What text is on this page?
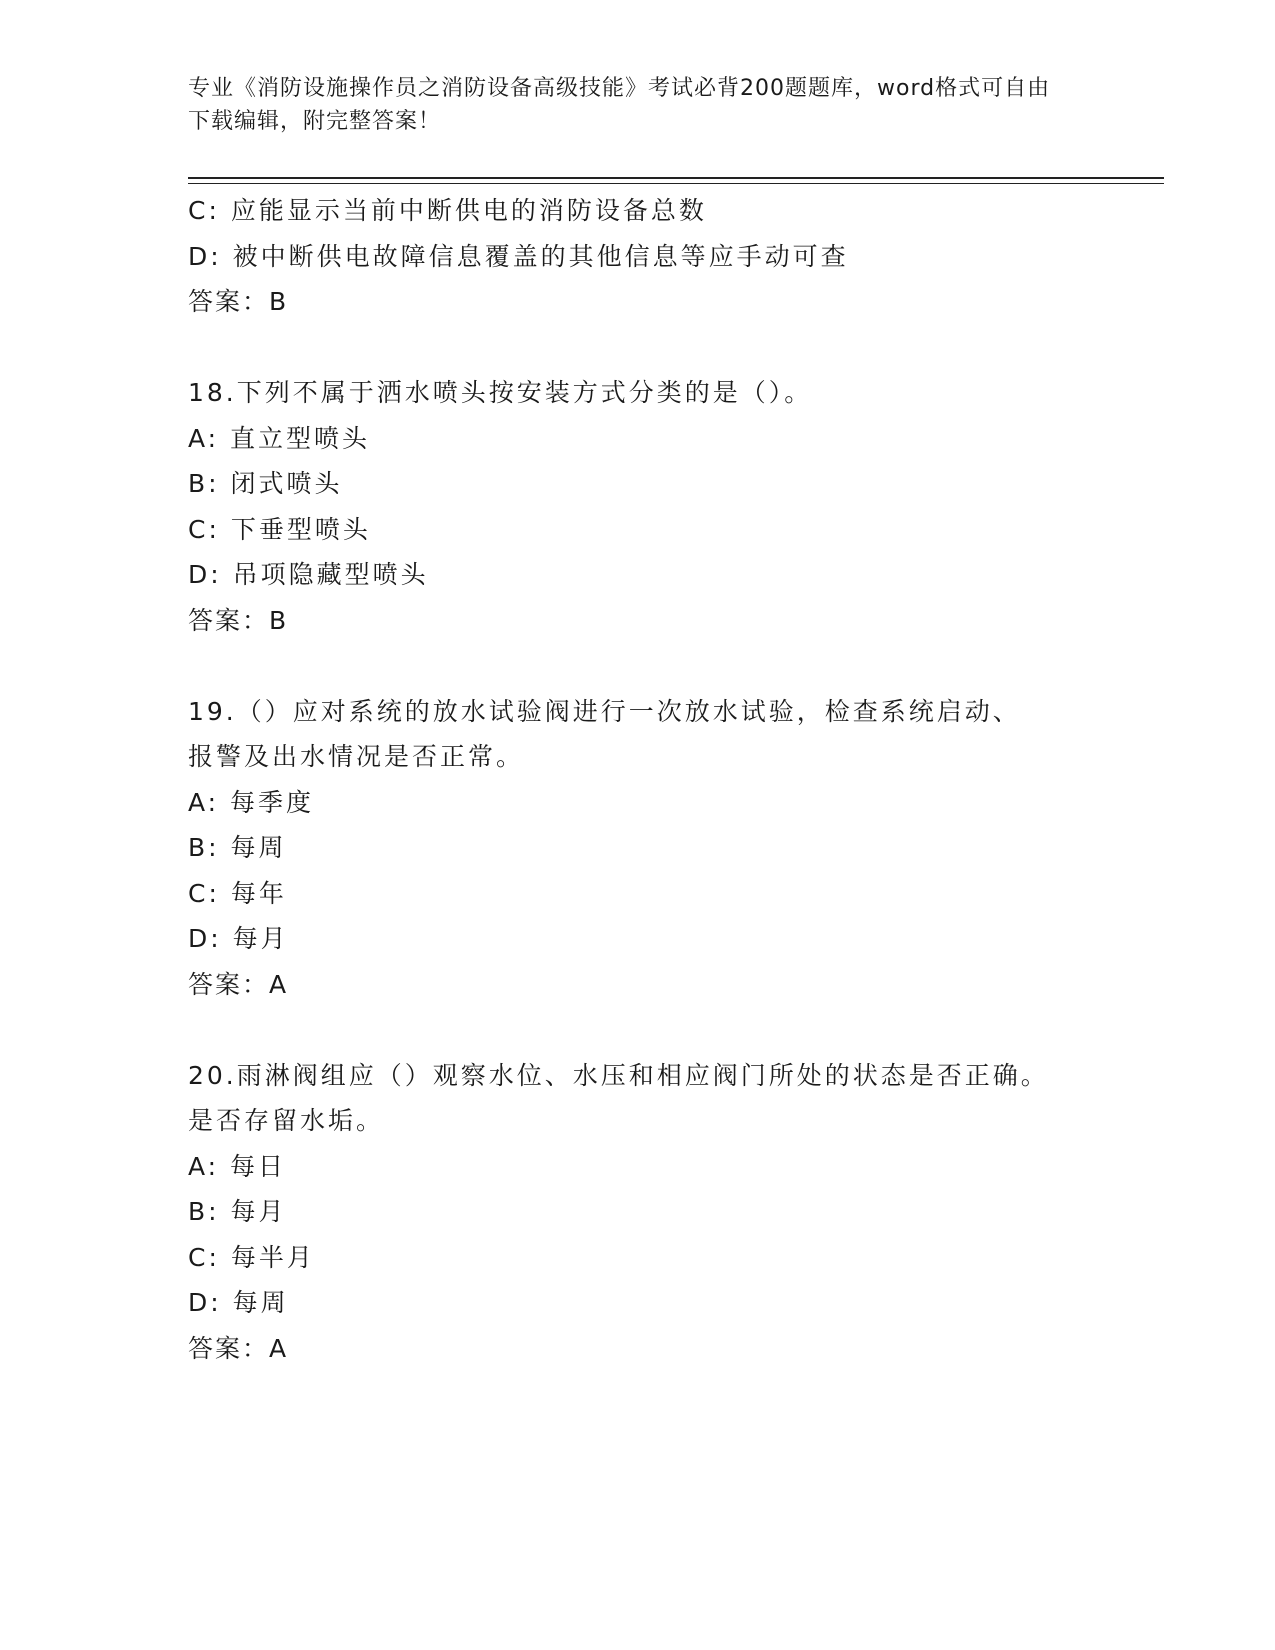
专业《消防设施操作员之消防设备高级技能》考试必背200题题库，word格式可自由下载编辑，附完整答案！
C: 应能显示当前中断供电的消防设备总数
D: 被中断供电故障信息覆盖的其他信息等应手动可查
答案：B
18.下列不属于洒水喷头按安装方式分类的是（）。
A: 直立型喷头
B: 闭式喷头
C: 下垂型喷头
D: 吊项隐藏型喷头
答案：B
19.（）应对系统的放水试验阀进行一次放水试验，检查系统启动、报警及出水情况是否正常。
A: 每季度
B: 每周
C: 每年
D: 每月
答案：A
20.雨淋阀组应（）观察水位、水压和相应阀门所处的状态是否正确。是否存留水垢。
A: 每日
B: 每月
C: 每半月
D: 每周
答案：A
